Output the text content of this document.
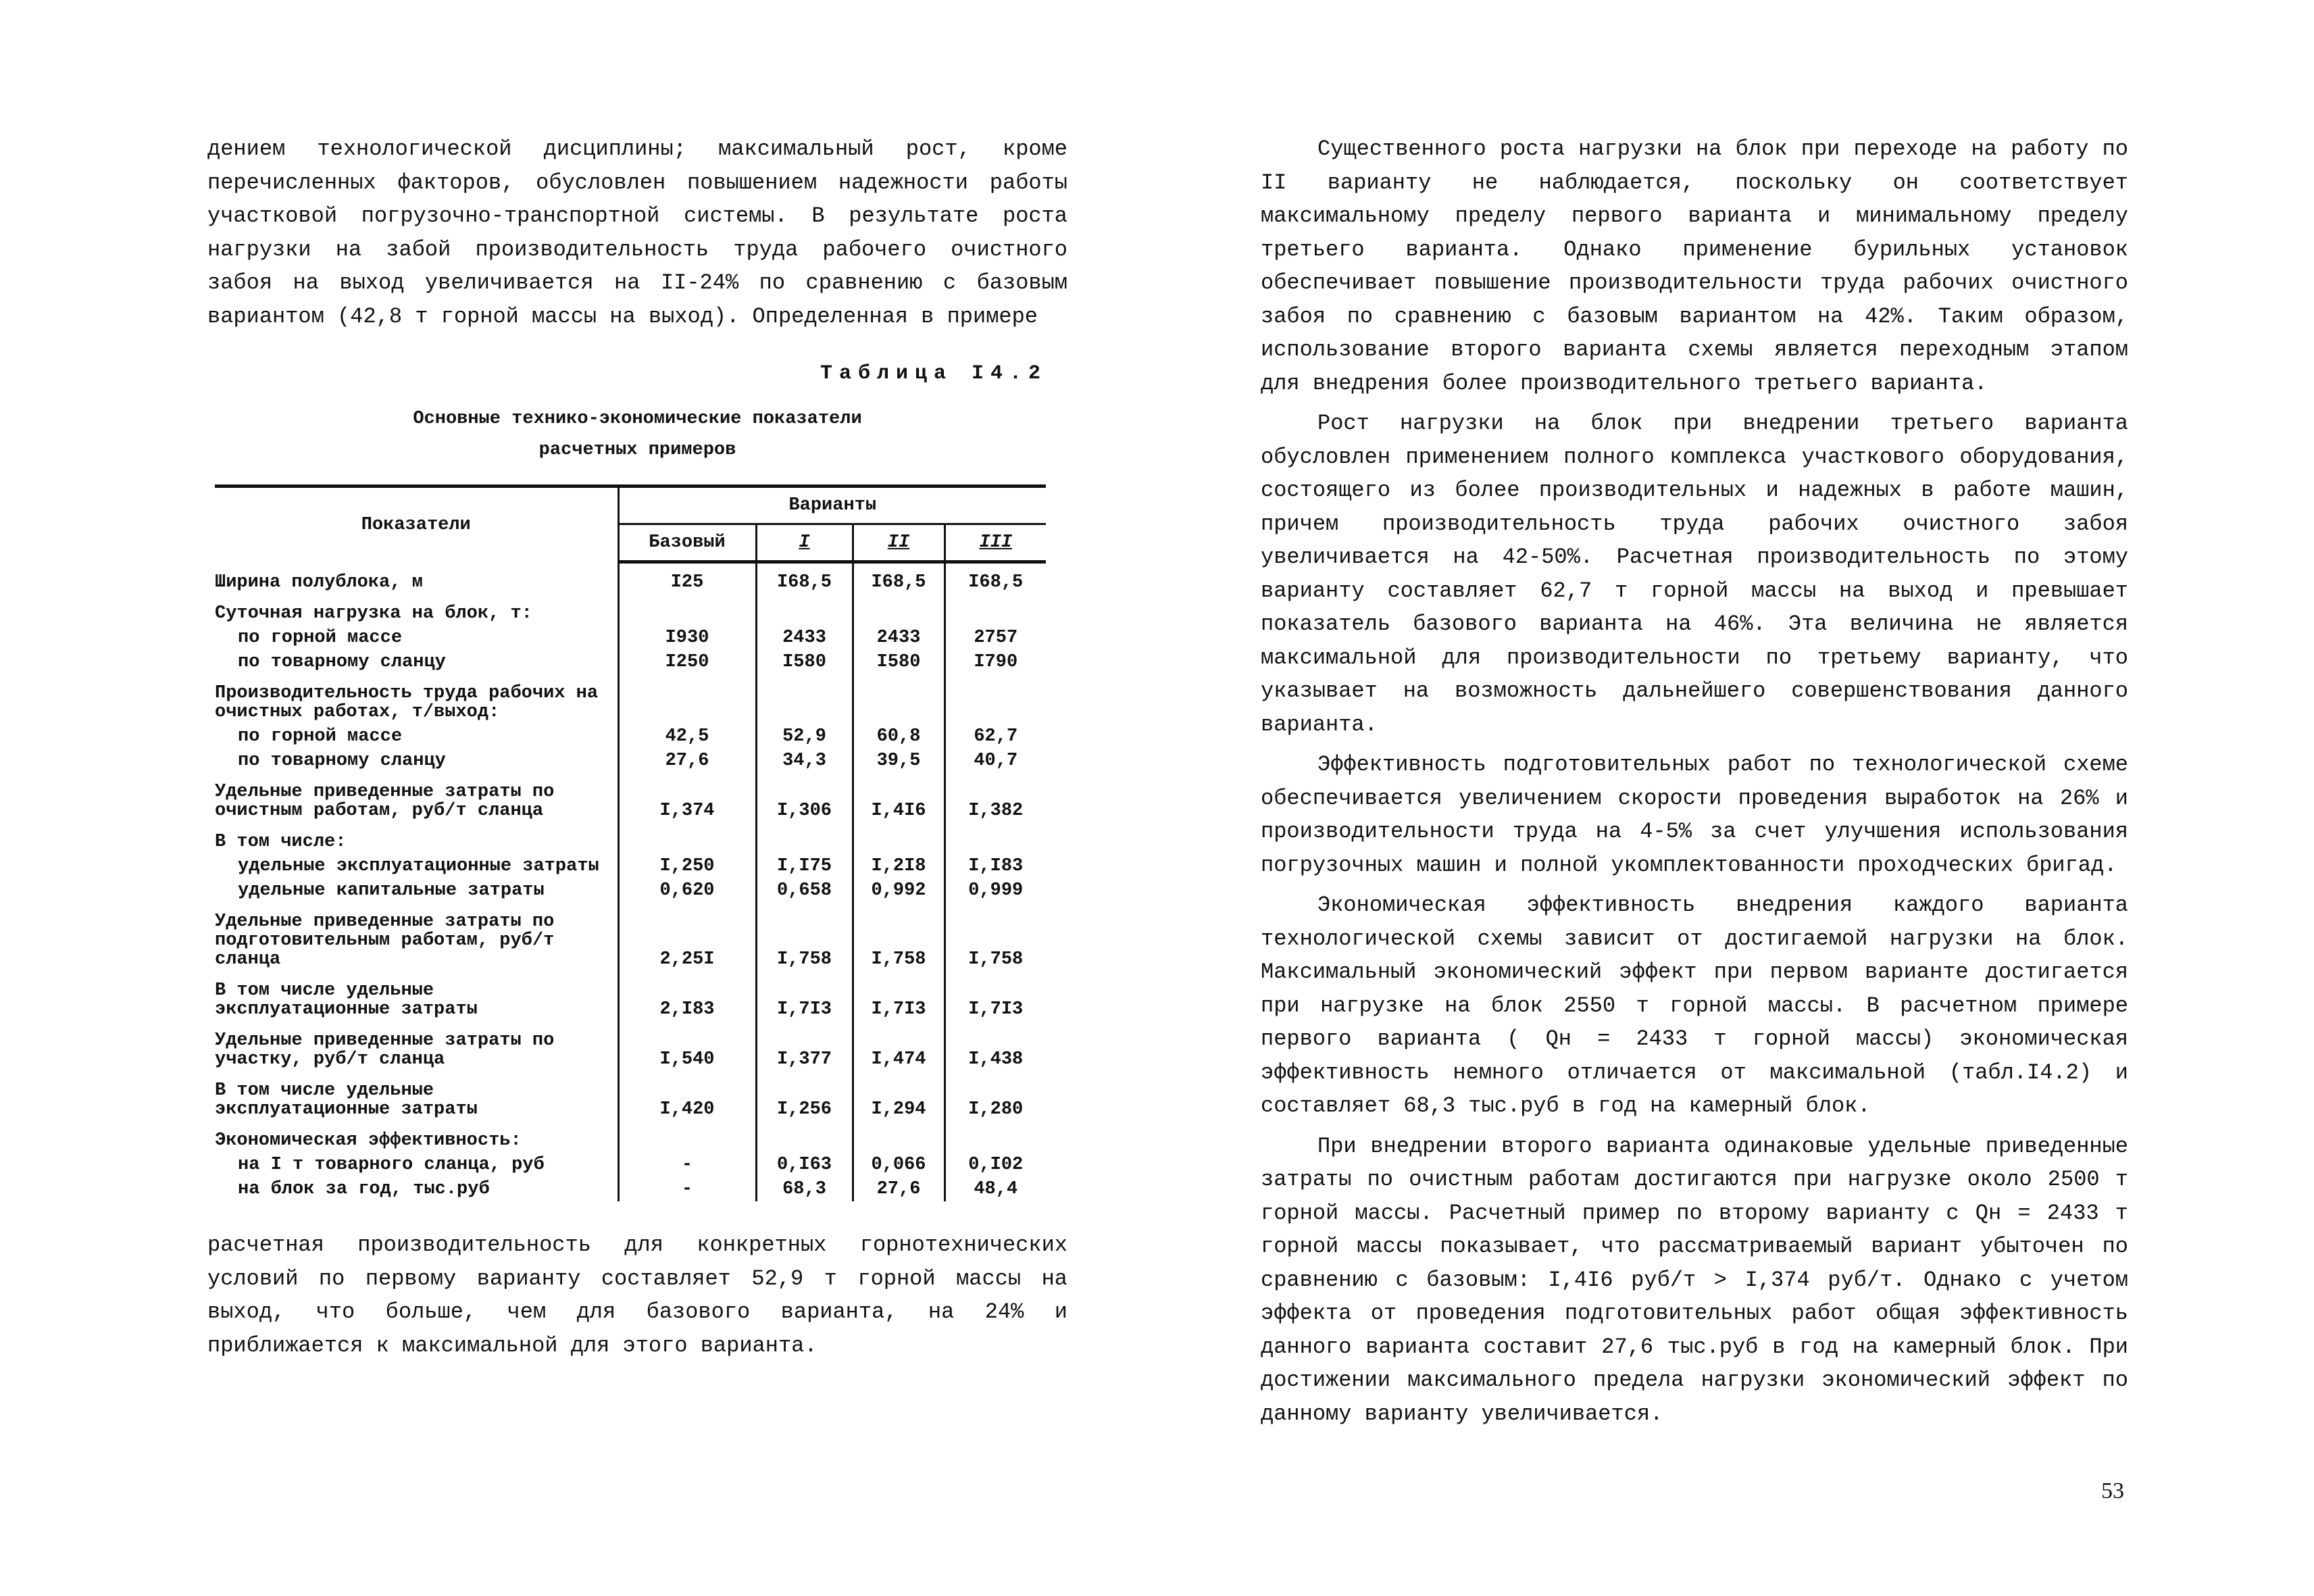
дением технологической дисциплины; максимальный рост, кроме перечисленных факторов, обусловлен повышением надежности работы участковой погрузочно-транспортной системы. В результате роста нагрузки на забой производительность труда рабочего очистного забоя на выход увеличивается на II-24% по сравнению с базовым вариантом (42,8 т горной массы на выход). Определенная в примере

Таблица I4.2
Основные технико-экономические показатели
расчетных примеров
Показатели	Варианты			
	Базовый	I	II	III
Ширина полублока, м	I25	I68,5	I68,5	I68,5
Суточная нагрузка на блок, т:				
по горной массе	I930	2433	2433	2757
по товарному сланцу	I250	I580	I580	I790
Производительность труда рабочих на очистных работах, т/выход:				
по горной массе	42,5	52,9	60,8	62,7
по товарному сланцу	27,6	34,3	39,5	40,7
Удельные приведенные затраты по очистным работам, руб/т сланца	I,374	I,306	I,4I6	I,382
В том числе:				
удельные эксплуатационные затраты	I,250	I,I75	I,2I8	I,I83
удельные капитальные затраты	0,620	0,658	0,992	0,999
Удельные приведенные затраты по подготовительным работам, руб/т сланца	2,25I	I,758	I,758	I,758
В том числе удельные эксплуатационные затраты	2,I83	I,7I3	I,7I3	I,7I3
Удельные приведенные затраты по участку, руб/т сланца	I,540	I,377	I,474	I,438
В том числе удельные эксплуатационные затраты	I,420	I,256	I,294	I,280
Экономическая эффективность:				
на I т товарного сланца, руб	-	0,I63	0,066	0,I02
на блок за год, тыс.руб	-	68,3	27,6	48,4

расчетная производительность для конкретных горнотехнических условий по первому варианту составляет 52,9 т горной массы на выход, что больше, чем для базового варианта, на 24% и приближается к максимальной для этого варианта.

Существенного роста нагрузки на блок при переходе на работу по II варианту не наблюдается, поскольку он соответствует максимальному пределу первого варианта и минимальному пределу третьего варианта. Однако применение бурильных установок обеспечивает повышение производительности труда рабочих очистного забоя по сравнению с базовым вариантом на 42%. Таким образом, использование второго варианта схемы является переходным этапом для внедрения более производительного третьего варианта.

Рост нагрузки на блок при внедрении третьего варианта обусловлен применением полного комплекса участкового оборудования, состоящего из более производительных и надежных в работе машин, причем производительность труда рабочих очистного забоя увеличивается на 42-50%. Расчетная производительность по этому варианту составляет 62,7 т горной массы на выход и превышает показатель базового варианта на 46%. Эта величина не является максимальной для производительности по третьему варианту, что указывает на возможность дальнейшего совершенствования данного варианта.

Эффективность подготовительных работ по технологической схеме обеспечивается увеличением скорости проведения выработок на 26% и производительности труда на 4-5% за счет улучшения использования погрузочных машин и полной укомплектованности проходческих бригад.

Экономическая эффективность внедрения каждого варианта технологической схемы зависит от достигаемой нагрузки на блок. Максимальный экономический эффект при первом варианте достигается при нагрузке на блок 2550 т горной массы. В расчетном примере первого варианта ( Qн = 2433 т горной массы) экономическая эффективность немного отличается от максимальной (табл.I4.2) и составляет 68,3 тыс.руб в год на камерный блок.

При внедрении второго варианта одинаковые удельные приведенные затраты по очистным работам достигаются при нагрузке около 2500 т горной массы. Расчетный пример по второму варианту с Qн = 2433 т горной массы показывает, что рассматриваемый вариант убыточен по сравнению с базовым: I,4I6 руб/т > I,374 руб/т. Однако с учетом эффекта от проведения подготовительных работ общая эффективность данного варианта составит 27,6 тыс.руб в год на камерный блок. При достижении максимального предела нагрузки экономический эффект по данному варианту увеличивается.

53
